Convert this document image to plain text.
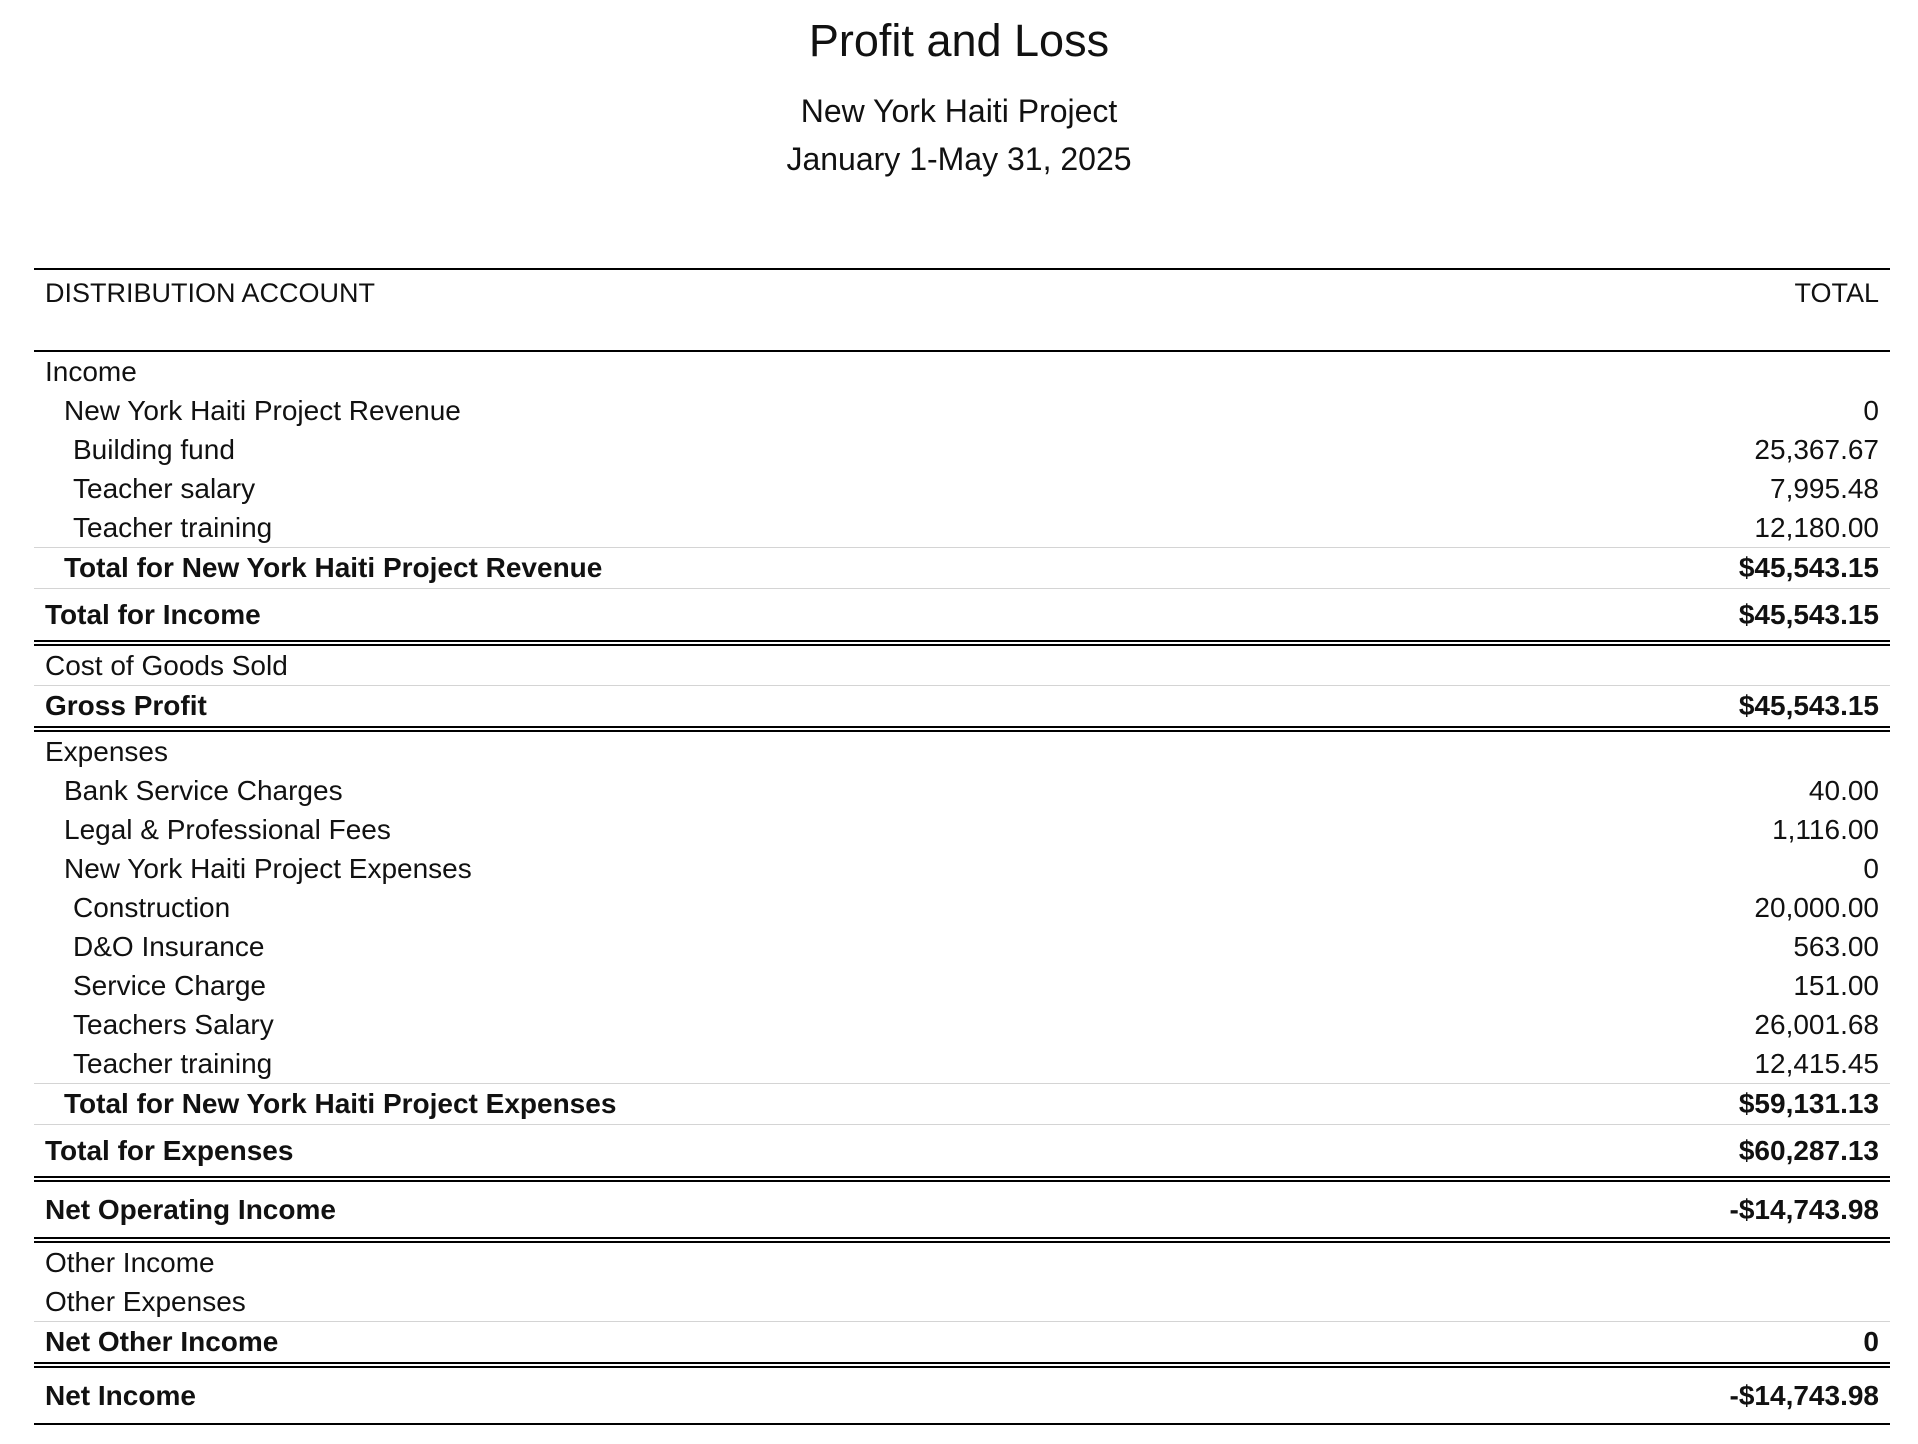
Profit and Loss
New York Haiti Project
January 1-May 31, 2025
DISTRIBUTION ACCOUNT	TOTAL
Income
New York Haiti Project Revenue	0
Building fund	25,367.67
Teacher salary	7,995.48
Teacher training	12,180.00
Total for New York Haiti Project Revenue	$45,543.15
Total for Income	$45,543.15
Cost of Goods Sold
Gross Profit	$45,543.15
Expenses
Bank Service Charges	40.00
Legal & Professional Fees	1,116.00
New York Haiti Project Expenses	0
Construction	20,000.00
D&O Insurance	563.00
Service Charge	151.00
Teachers Salary	26,001.68
Teacher training	12,415.45
Total for New York Haiti Project Expenses	$59,131.13
Total for Expenses	$60,287.13
Net Operating Income	-$14,743.98
Other Income
Other Expenses
Net Other Income	0
Net Income	-$14,743.98
